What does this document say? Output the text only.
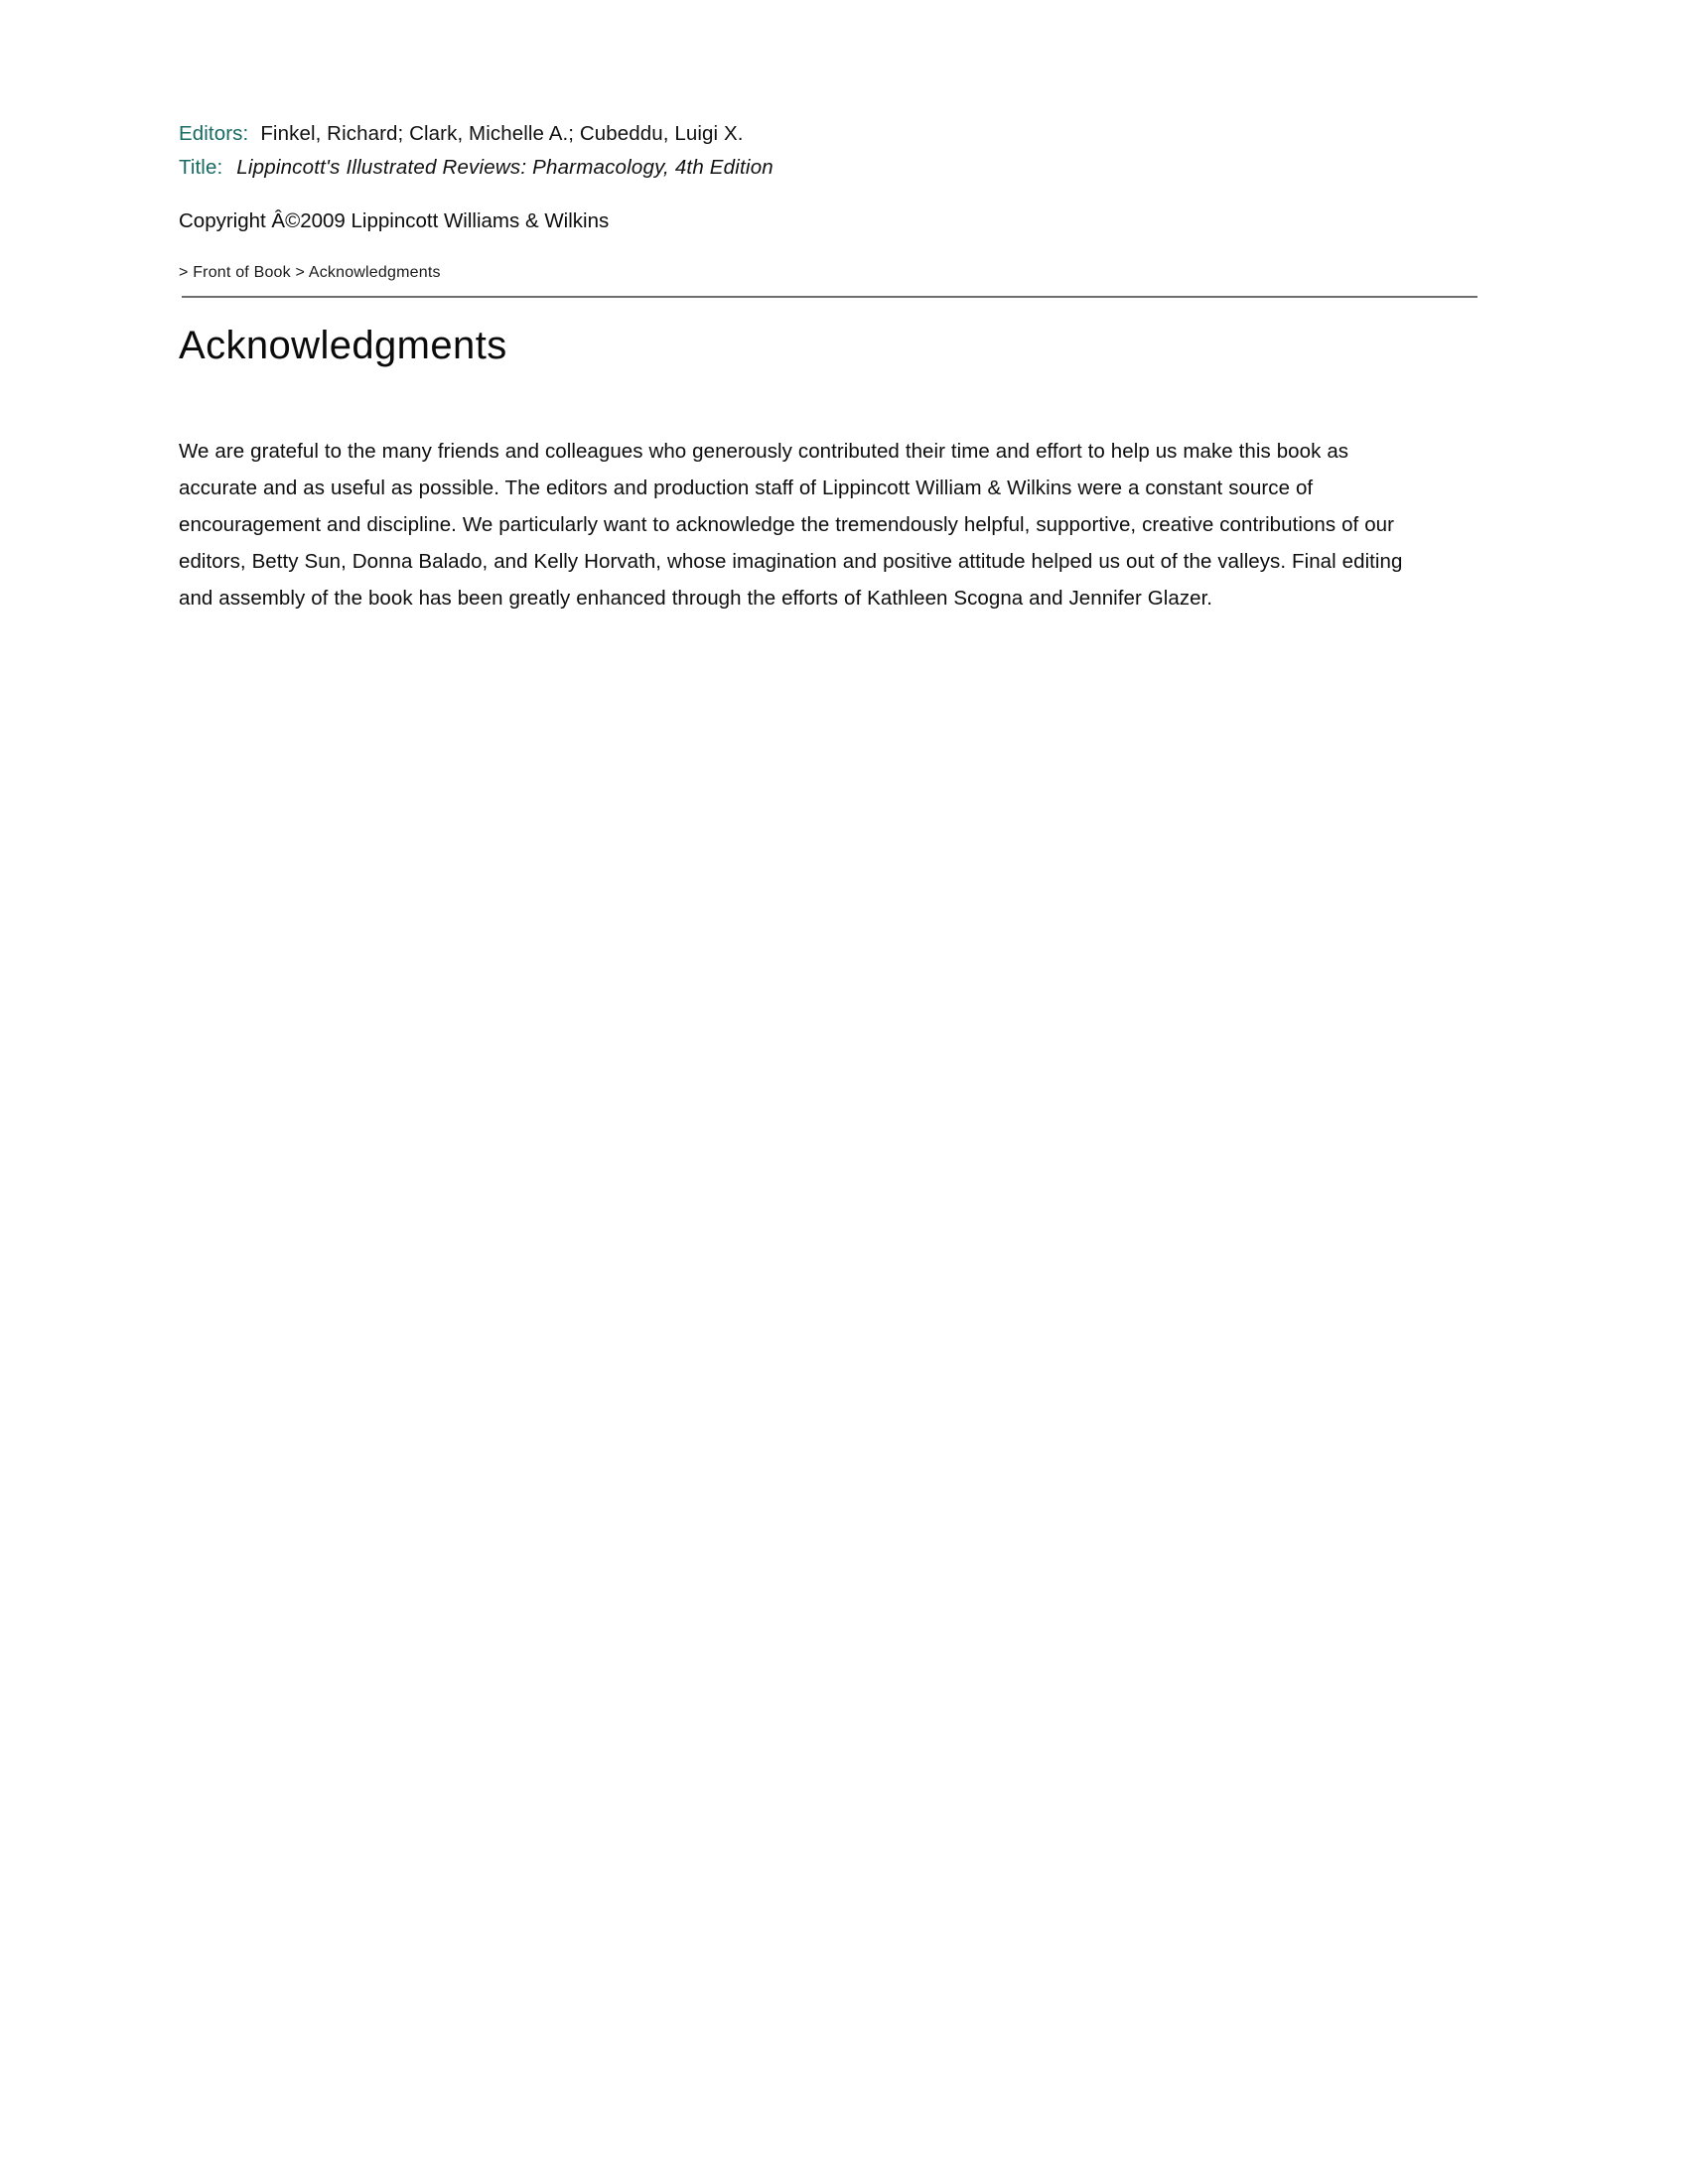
Editors: Finkel, Richard; Clark, Michelle A.; Cubeddu, Luigi X.
Title: Lippincott's Illustrated Reviews: Pharmacology, 4th Edition
Copyright Â©2009 Lippincott Williams & Wilkins
> Front of Book > Acknowledgments
Acknowledgments

We are grateful to the many friends and colleagues who generously contributed their time and effort to help us make this book as accurate and as useful as possible. The editors and production staff of Lippincott William & Wilkins were a constant source of encouragement and discipline. We particularly want to acknowledge the tremendously helpful, supportive, creative contributions of our editors, Betty Sun, Donna Balado, and Kelly Horvath, whose imagination and positive attitude helped us out of the valleys. Final editing and assembly of the book has been greatly enhanced through the efforts of Kathleen Scogna and Jennifer Glazer.
